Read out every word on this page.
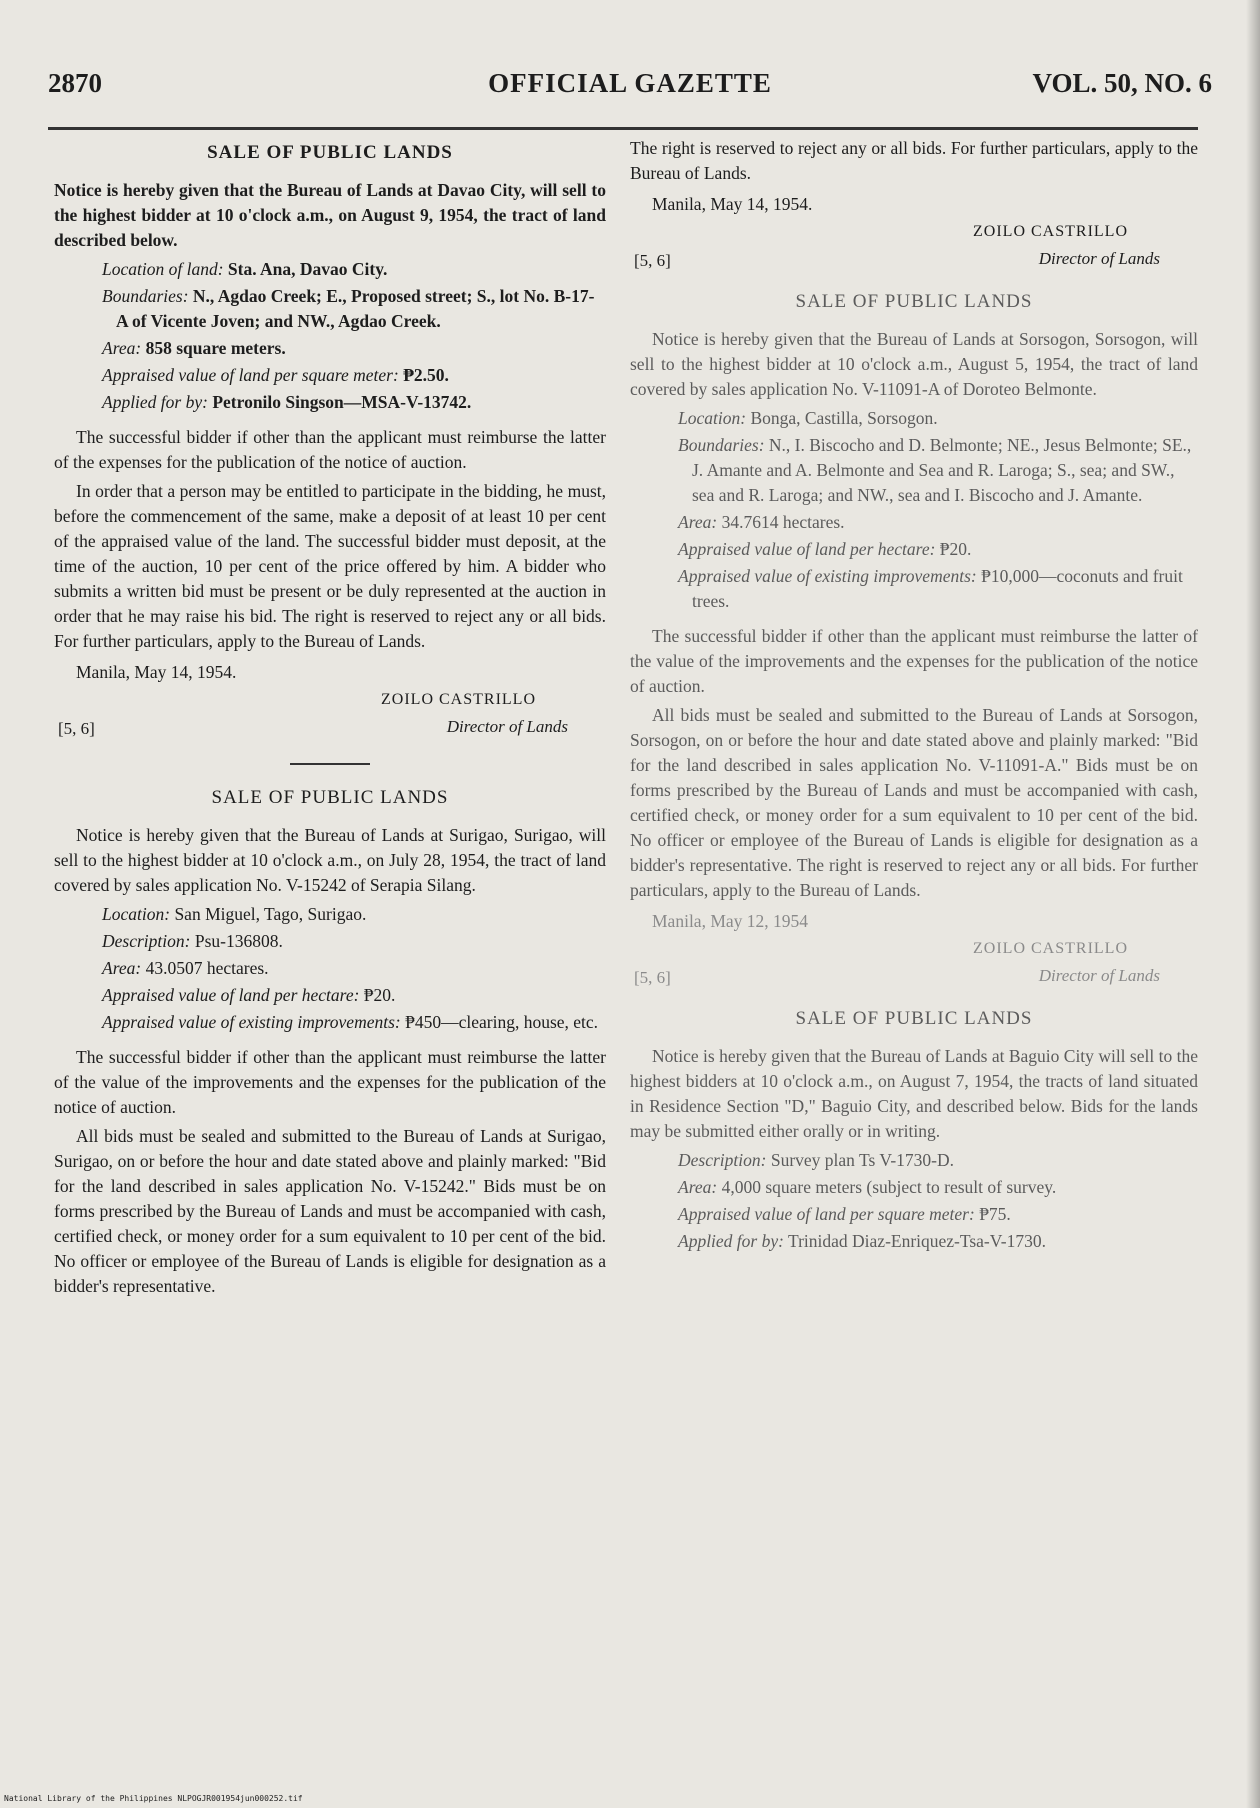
2870	OFFICIAL GAZETTE	VOL. 50, NO. 6
SALE OF PUBLIC LANDS

Notice is hereby given that the Bureau of Lands at Davao City, will sell to the highest bidder at 10 o'clock a.m., on August 9, 1954, the tract of land described below.

Location of land: Sta. Ana, Davao City.
Boundaries: N., Agdao Creek; E., Proposed street; S., lot No. B-17-A of Vicente Joven; and NW., Agdao Creek.
Area: 858 square meters.
Appraised value of land per square meter: ₱2.50.
Applied for by: Petronilo Singson—MSA-V-13742.

The successful bidder if other than the applicant must reimburse the latter of the expenses for the publication of the notice of auction.

In order that a person may be entitled to participate in the bidding, he must, before the commencement of the same, make a deposit of at least 10 per cent of the appraised value of the land. The successful bidder must deposit, at the time of the auction, 10 per cent of the price offered by him. A bidder who submits a written bid must be present or be duly represented at the auction in order that he may raise his bid. The right is reserved to reject any or all bids. For further particulars, apply to the Bureau of Lands.

Manila, May 14, 1954.
[5, 6]
ZOILO CASTRILLO
Director of Lands
SALE OF PUBLIC LANDS

Notice is hereby given that the Bureau of Lands at Surigao, Surigao, will sell to the highest bidder at 10 o'clock a.m., on July 28, 1954, the tract of land covered by sales application No. V-15242 of Serapia Silang.

Location: San Miguel, Tago, Surigao.
Description: Psu-136808.
Area: 43.0507 hectares.
Appraised value of land per hectare: ₱20.
Appraised value of existing improvements: ₱450—clearing, house, etc.

The successful bidder if other than the applicant must reimburse the latter of the value of the improvements and the expenses for the publication of the notice of auction.

All bids must be sealed and submitted to the Bureau of Lands at Surigao, Surigao, on or before the hour and date stated above and plainly marked: "Bid for the land described in sales application No. V-15242." Bids must be on forms prescribed by the Bureau of Lands and must be accompanied with cash, certified check, or money order for a sum equivalent to 10 per cent of the bid. No officer or employee of the Bureau of Lands is eligible for designation as a bidder's representative.

The right is reserved to reject any or all bids. For further particulars, apply to the Bureau of Lands.

Manila, May 14, 1954.
[5, 6]
ZOILO CASTRILLO
Director of Lands
SALE OF PUBLIC LANDS

Notice is hereby given that the Bureau of Lands at Sorsogon, Sorsogon, will sell to the highest bidder at 10 o'clock a.m., August 5, 1954, the tract of land covered by sales application No. V-11091-A of Doroteo Belmonte.

Location: Bonga, Castilla, Sorsogon.
Boundaries: N., I. Biscocho and D. Belmonte; NE., Jesus Belmonte; SE., J. Amante and A. Belmonte and Sea and R. Laroga; S., sea; and SW., sea and R. Laroga; and NW., sea and I. Biscocho and J. Amante.
Area: 34.7614 hectares.
Appraised value of land per hectare: ₱20.
Appraised value of existing improvements: ₱10,000—coconuts and fruit trees.

The successful bidder if other than the applicant must reimburse the latter of the value of the improvements and the expenses for the publication of the notice of auction.

All bids must be sealed and submitted to the Bureau of Lands at Sorsogon, Sorsogon, on or before the hour and date stated above and plainly marked: "Bid for the land described in sales application No. V-11091-A." Bids must be on forms prescribed by the Bureau of Lands and must be accompanied with cash, certified check, or money order for a sum equivalent to 10 per cent of the bid. No officer or employee of the Bureau of Lands is eligible for designation as a bidder's representative. The right is reserved to reject any or all bids. For further particulars, apply to the Bureau of Lands.

Manila, May 12, 1954
[5, 6]
ZOILO CASTRILLO
Director of Lands
SALE OF PUBLIC LANDS

Notice is hereby given that the Bureau of Lands at Baguio City will sell to the highest bidders at 10 o'clock a.m., on August 7, 1954, the tracts of land situated in Residence Section "D," Baguio City, and described below. Bids for the lands may be submitted either orally or in writing.

Description: Survey plan Ts V-1730-D.
Area: 4,000 square meters (subject to result of survey.
Appraised value of land per square meter: ₱75.
Applied for by: Trinidad Diaz-Enriquez-Tsa-V-1730.
National Library of the Philippines NLPOGJR001954jun000252.tif
